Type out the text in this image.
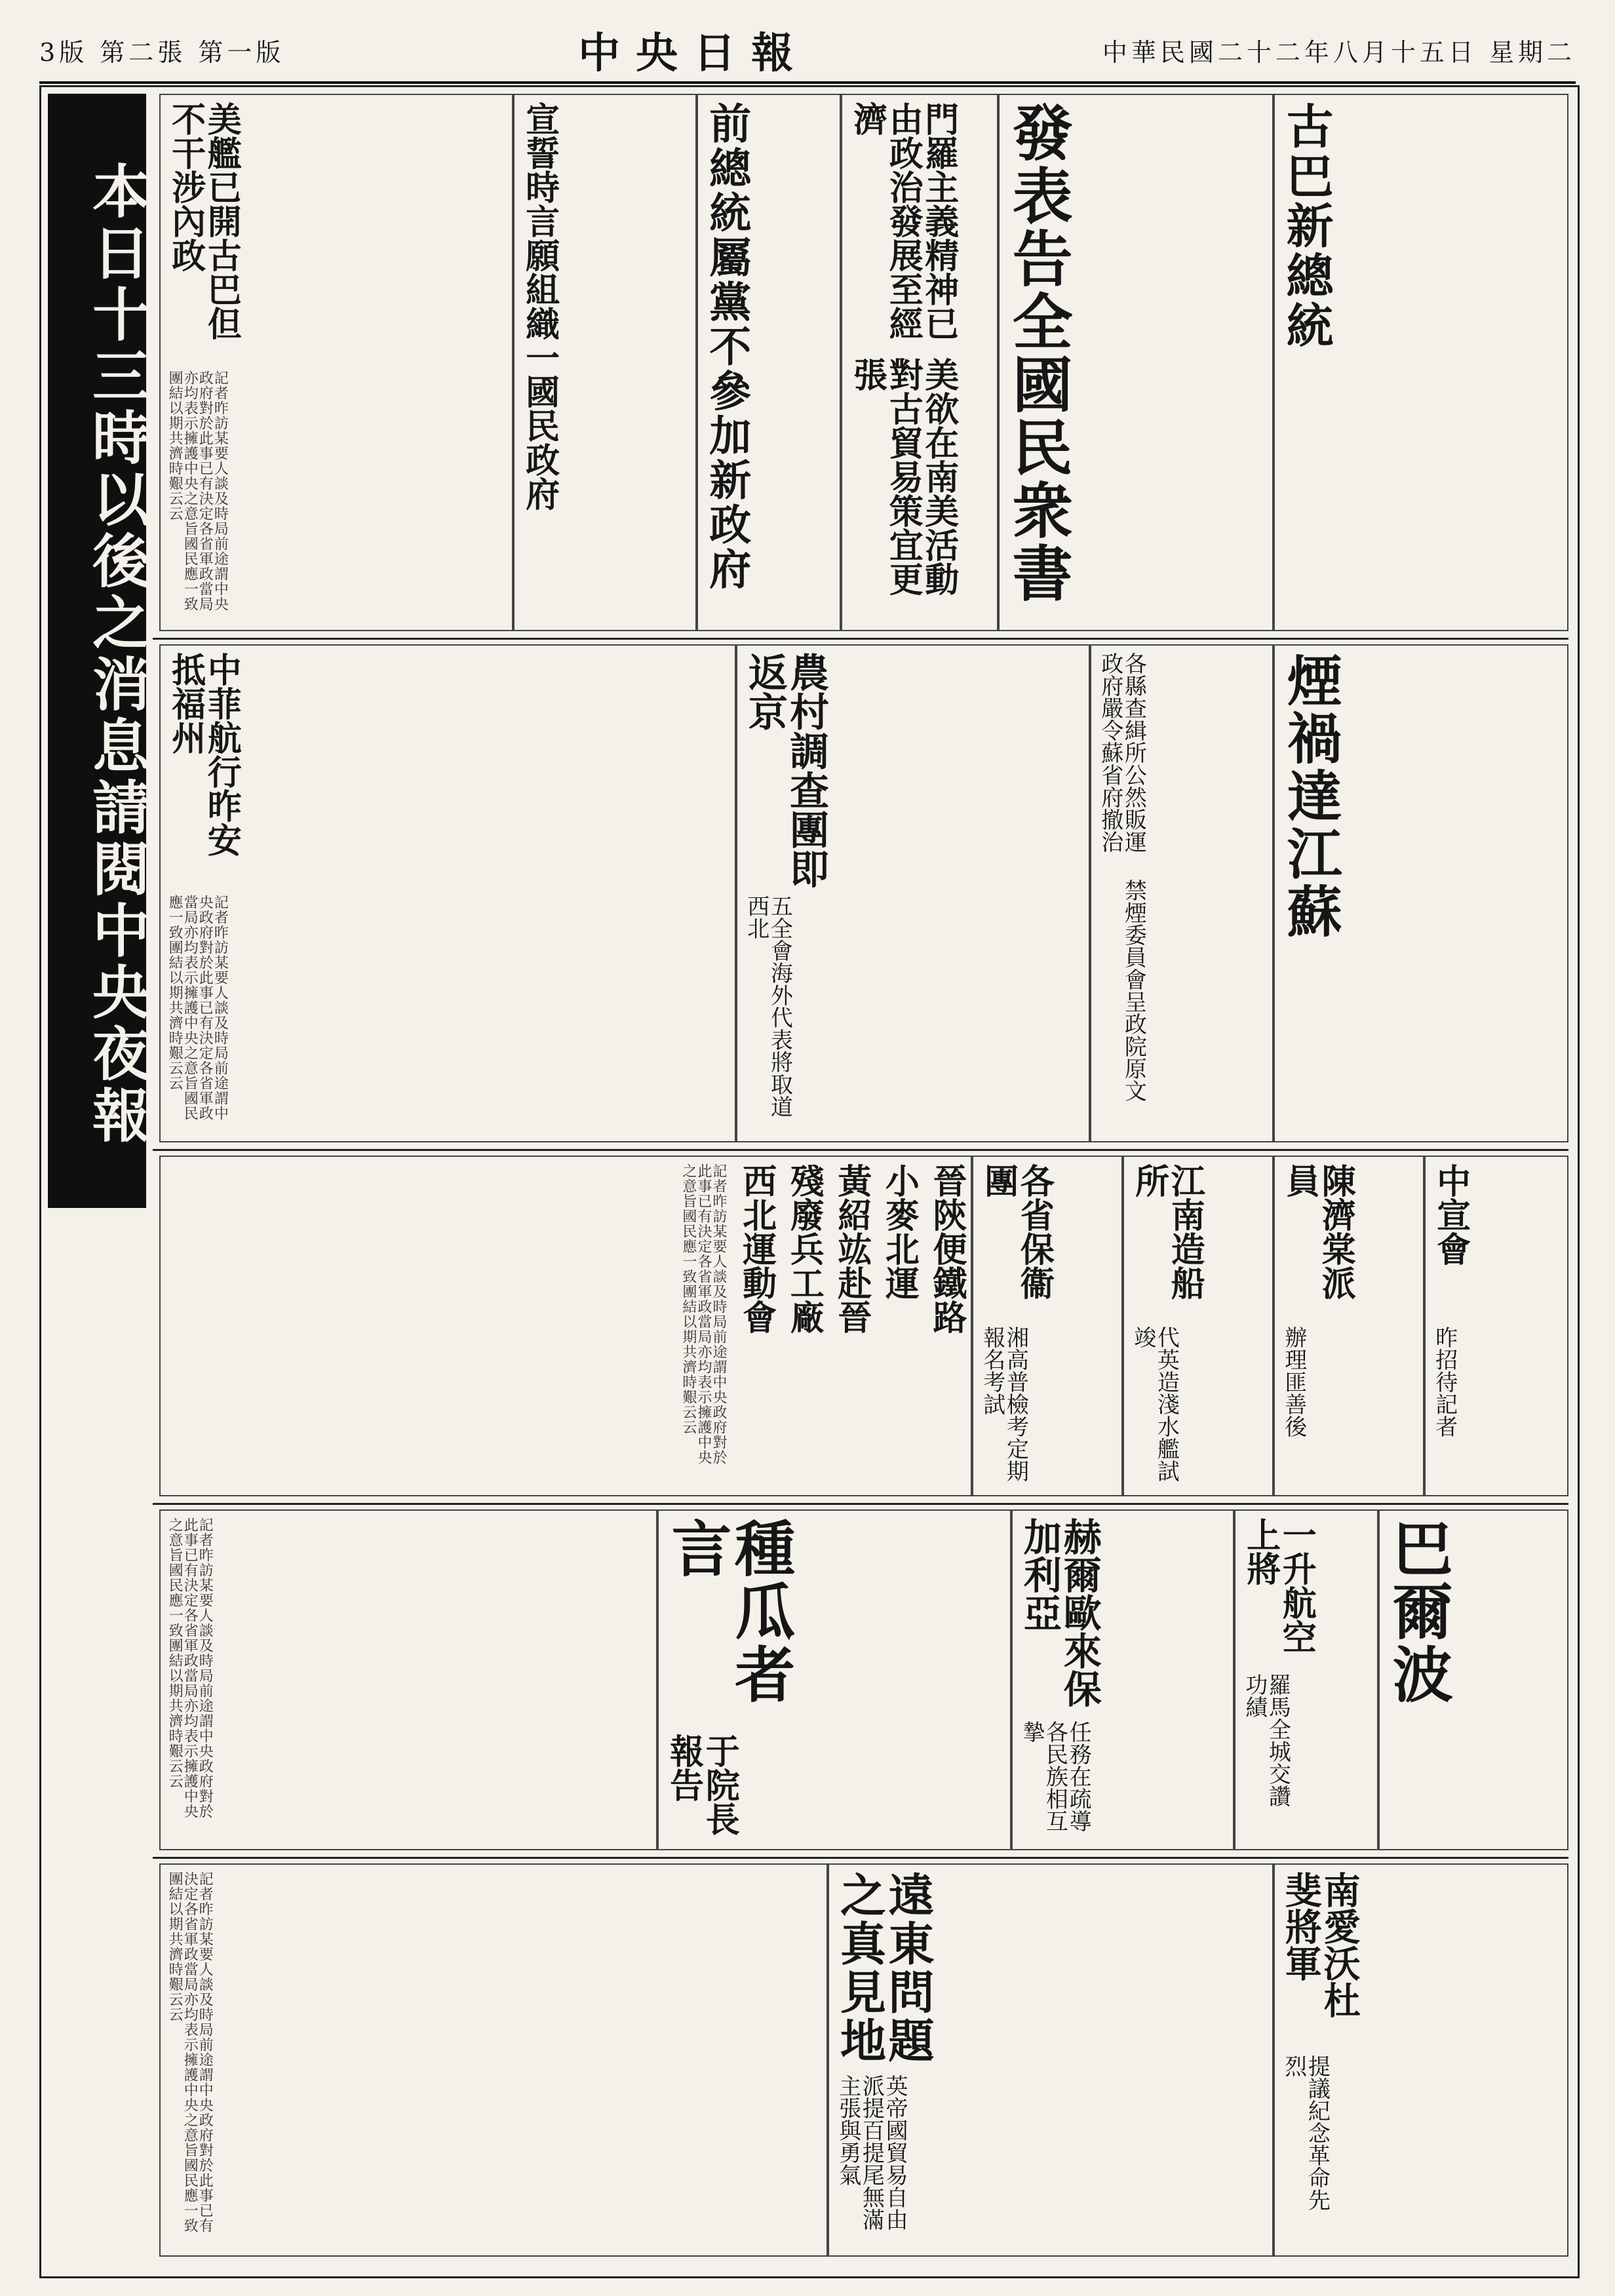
3版 第二張 第一版	中央日報	中華民國二十二年八月十五日 星期二
本日十三時以後之消息請閱中央夜報	古巴新總統
發表告全國民衆書
門羅主義精神已由政治發展至經濟
美欲在南美活動對古貿易策宜更張
前總統屬黨不參加新政府
宣誓時言願組織一國民政府
美艦已開古巴但不干涉內政
記者昨訪某要人談及時局前途謂中央政府對於此事已有決定各省軍政當局亦均表示擁護中央之意旨國民應一致團結以期共濟時艱云云
煙禍達江蘇
各縣查緝所公然販運 禁煙委員會呈政院原文 政府嚴令蘇省府撤治
農村調查團即返京
五全會海外代表將取道西北
中菲航行昨安抵福州
記者昨訪某要人談及時局前途謂中央政府對於此事已有決定各省軍政當局亦均表示擁護中央之意旨國民應一致團結以期共濟時艱云云
中宣會
昨招待記者
陳濟棠派員
辦理匪善後
江南造船所
代英造淺水艦試竣
各省保衞團
湘高普檢考定期報名考試
晉陝便鐵路
小麥北運
黃紹竑赴晉
殘廢兵工廠
西北運動會
記者昨訪某要人談及時局前途謂中央政府對於此事已有決定各省軍政當局亦均表示擁護中央之意旨國民應一致團結以期共濟時艱云云
巴爾波
一升航空上將
羅馬全城交讚功績
赫爾歐來保加利亞
任務在疏導各民族相互摯
種瓜者言
于院長報告
記者昨訪某要人談及時局前途謂中央政府對於此事已有決定各省軍政當局亦均表示擁護中央之意旨國民應一致團結以期共濟時艱云云
南愛沃杜斐將軍
提議紀念革命先烈
遠東問題之真見地
英帝國貿易自由派提百提尾無滿主張與勇氣
記者昨訪某要人談及時局前途謂中央政府對於此事已有決定各省軍政當局亦均表示擁護中央之意旨國民應一致團結以期共濟時艱云云
